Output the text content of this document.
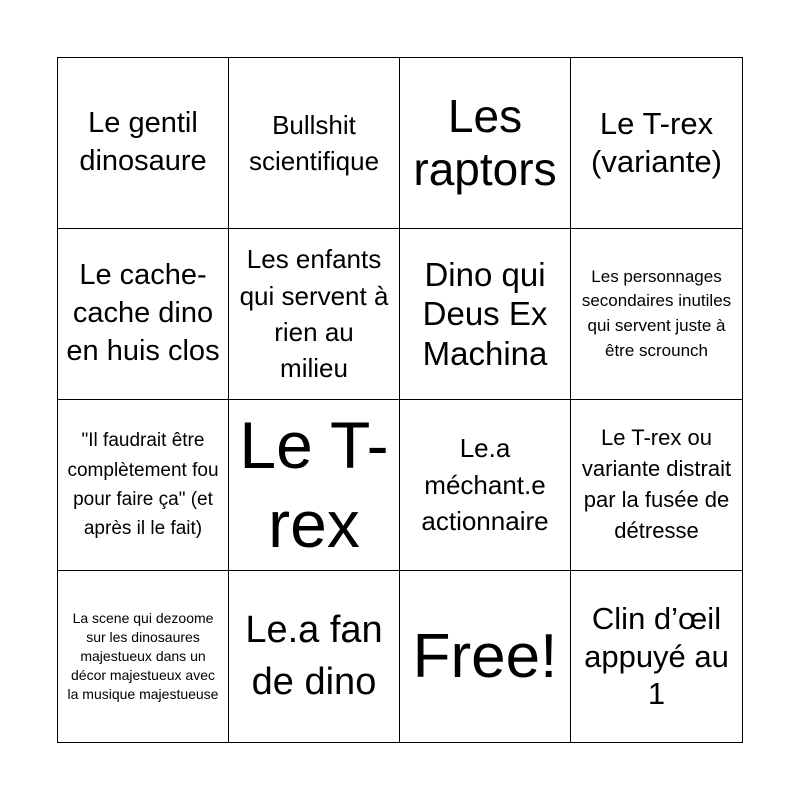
Le gentil dinosaure
Bullshit scientifique
Les raptors
Le T-rex (variante)
Le cache-cache dino en huis clos
Les enfants qui servent à rien au milieu
Dino qui Deus Ex Machina
Les personnages secondaires inutiles qui servent juste à être scrounch
"Il faudrait être complètement fou pour faire ça" (et après il le fait)
Le T-rex
Le.a méchant.e actionnaire
Le T-rex ou variante distrait par la fusée de détresse
La scene qui dezoome sur les dinosaures majestueux dans un décor majestueux avec la musique majestueuse
Le.a fan de dino Free!
Clin d’œil appuyé au 1
